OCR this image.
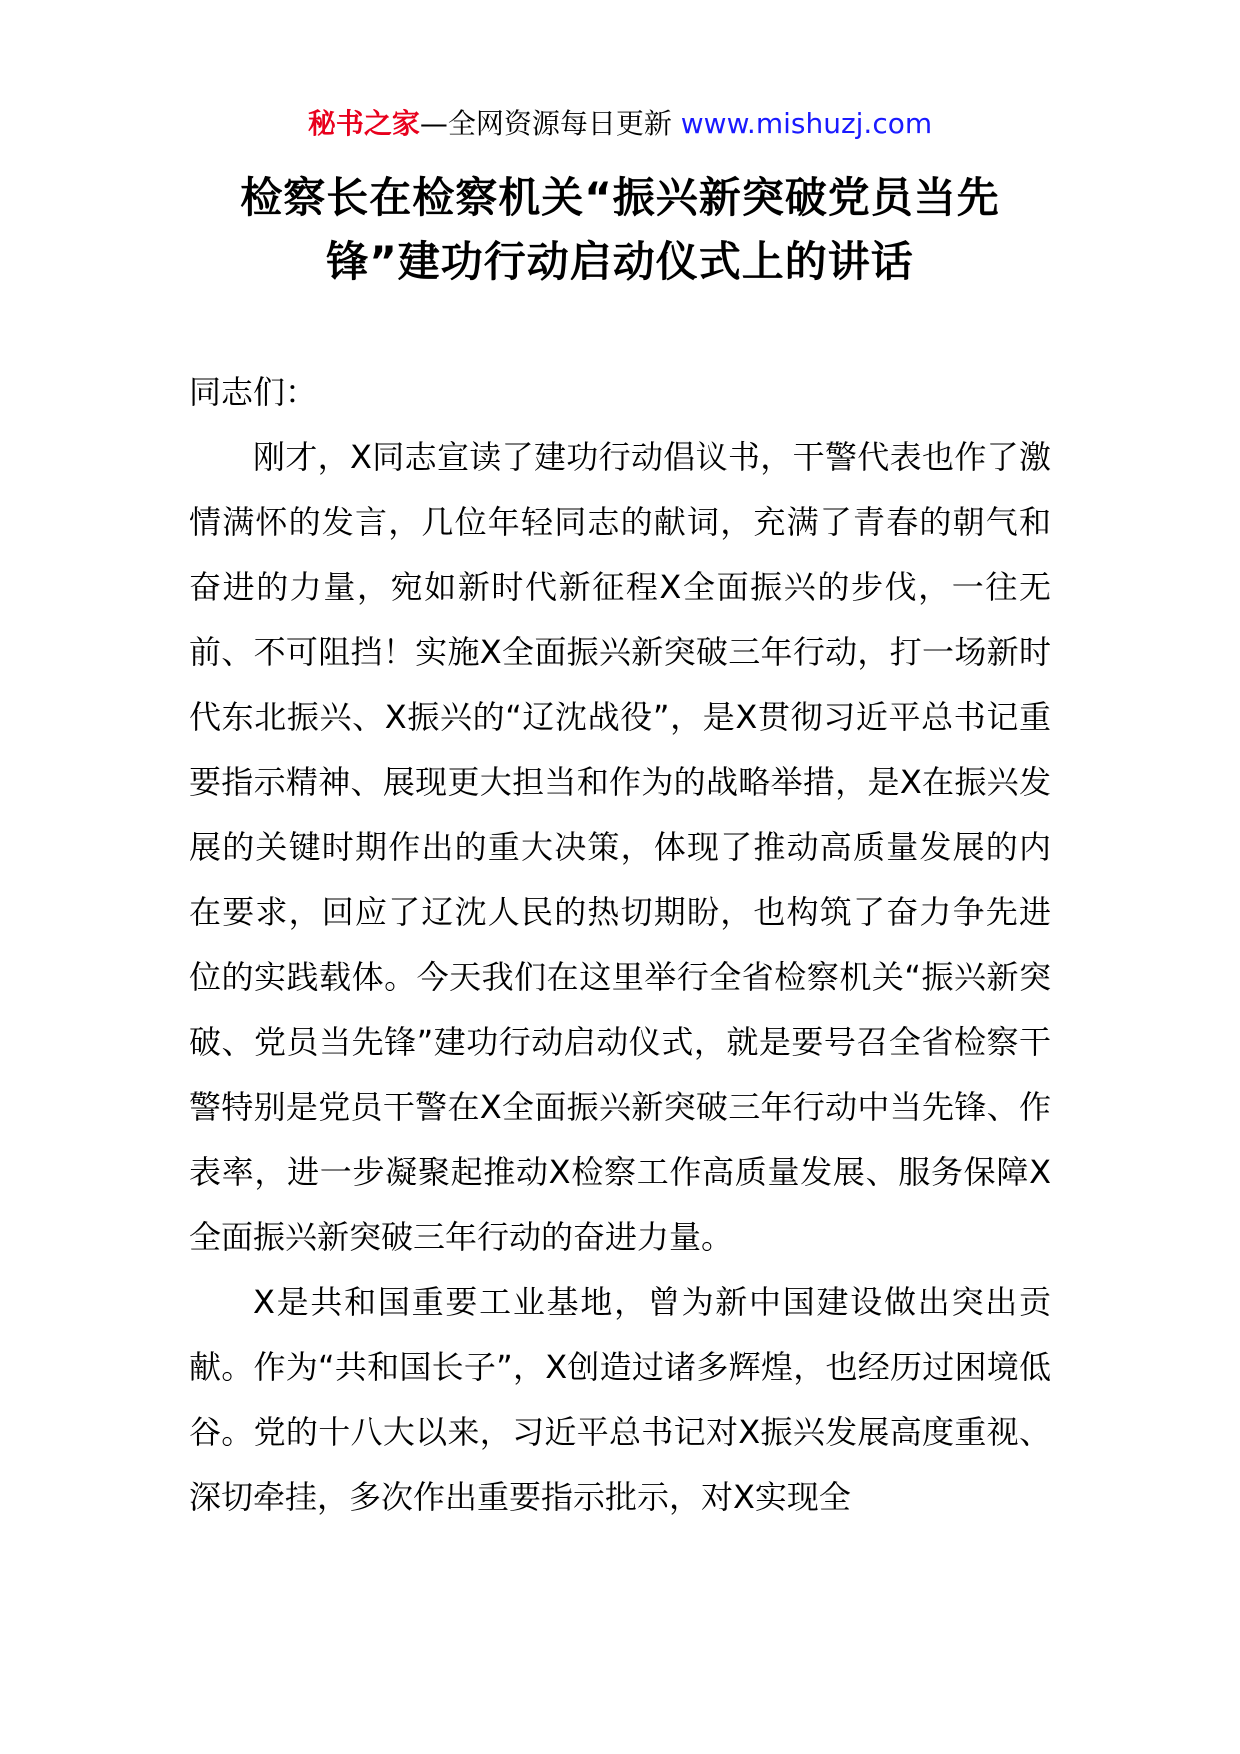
秘书之家—全网资源每日更新 www.mishuzj.com
检察长在检察机关“振兴新突破党员当先锋”建功行动启动仪式上的讲话

同志们：

刚才，X同志宣读了建功行动倡议书，干警代表也作了激情满怀的发言，几位年轻同志的献词，充满了青春的朝气和奋进的力量，宛如新时代新征程X全面振兴的步伐，一往无前、不可阻挡！实施X全面振兴新突破三年行动，打一场新时代东北振兴、X振兴的“辽沈战役”，是X贯彻习近平总书记重要指示精神、展现更大担当和作为的战略举措，是X在振兴发展的关键时期作出的重大决策，体现了推动高质量发展的内在要求，回应了辽沈人民的热切期盼，也构筑了奋力争先进位的实践载体。今天我们在这里举行全省检察机关“振兴新突破、党员当先锋”建功行动启动仪式，就是要号召全省检察干警特别是党员干警在X全面振兴新突破三年行动中当先锋、作表率，进一步凝聚起推动X检察工作高质量发展、服务保障X全面振兴新突破三年行动的奋进力量。

X是共和国重要工业基地，曾为新中国建设做出突出贡献。作为“共和国长子”，X创造过诸多辉煌，也经历过困境低谷。党的十八大以来，习近平总书记对X振兴发展高度重视、深切牵挂，多次作出重要指示批示，对X实现全
